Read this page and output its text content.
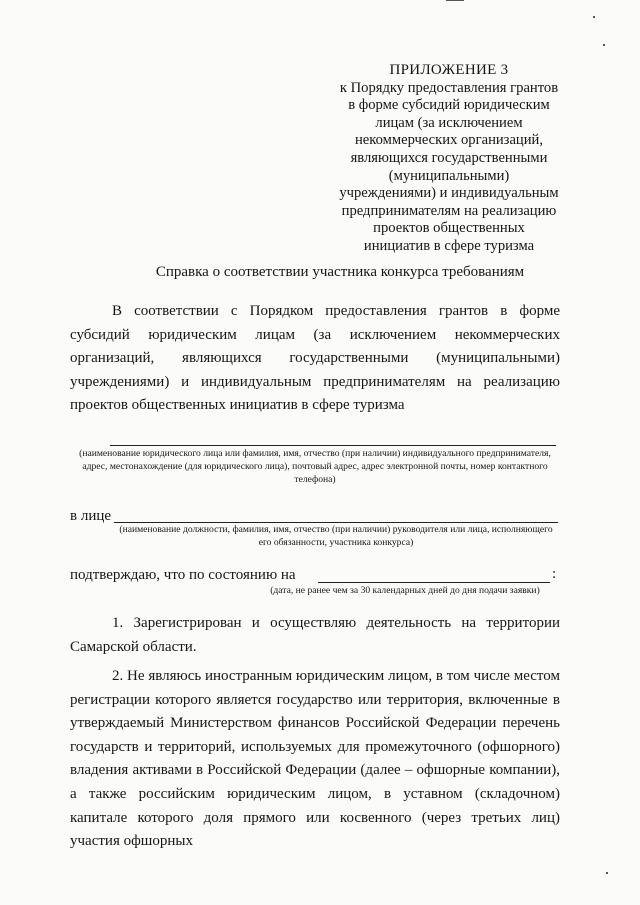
ПРИЛОЖЕНИЕ 3
к Порядку предоставления грантов
в форме субсидий юридическим
лицам (за исключением
некоммерческих организаций,
являющихся государственными
(муниципальными)
учреждениями) и индивидуальным
предпринимателям на реализацию
проектов общественных
инициатив в сфере туризма
Справка о соответствии участника конкурса требованиям

В соответствии с Порядком предоставления грантов в форме субсидий юридическим лицам (за исключением некоммерческих организаций, являющихся государственными (муниципальными) учреждениями) и индивидуальным предпринимателям на реализацию проектов общественных инициатив в сфере туризма

(наименование юридического лица или фамилия, имя, отчество (при наличии) индивидуального предпринимателя, адрес, местонахождение (для юридического лица), почтовый адрес, адрес электронной почты, номер контактного телефона)
в лице
(наименование должности, фамилия, имя, отчество (при наличии) руководителя или лица, исполняющего его обязанности, участника конкурса)
подтверждаю, что по состоянию на	:
(дата, не ранее чем за 30 календарных дней до дня подачи заявки)

1. Зарегистрирован и осуществляю деятельность на территории Самарской области.

2. Не являюсь иностранным юридическим лицом, в том числе местом регистрации которого является государство или территория, включенные в утверждаемый Министерством финансов Российской Федерации перечень государств и территорий, используемых для промежуточного (офшорного) владения активами в Российской Федерации (далее – офшорные компании), а также российским юридическим лицом, в уставном (складочном) капитале которого доля прямого или косвенного (через третьих лиц) участия офшорных
